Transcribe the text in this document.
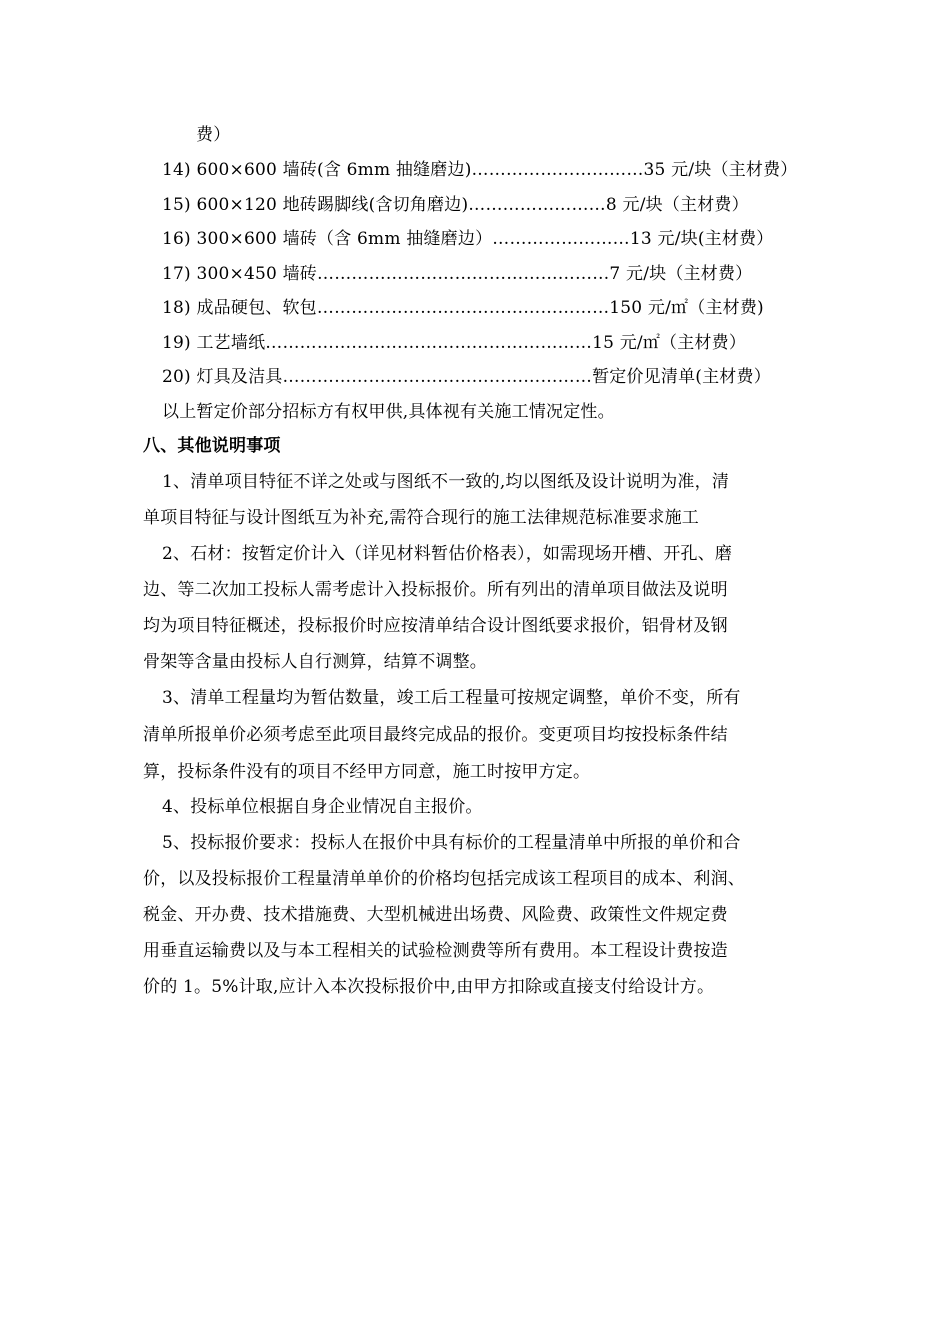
费）
14) 600×600 墙砖(含 6mm 抽缝磨边)…………………………35 元/块（主材费）
15) 600×120 地砖踢脚线(含切角磨边)……………………8 元/块（主材费）
16) 300×600 墙砖（含 6mm 抽缝磨边）……………………13 元/块(主材费）
17) 300×450 墙砖……………………………………………7 元/块（主材费）
18) 成品硬包、软包……………………………………………150 元/㎡（主材费)
19) 工艺墙纸…………………………………………………15 元/㎡（主材费）
20) 灯具及洁具………………………………………………暂定价见清单(主材费）
以上暂定价部分招标方有权甲供,具体视有关施工情况定性。
八、其他说明事项
1、清单项目特征不详之处或与图纸不一致的,均以图纸及设计说明为准，清
单项目特征与设计图纸互为补充,需符合现行的施工法律规范标准要求施工
2、石材：按暂定价计入（详见材料暂估价格表），如需现场开槽、开孔、磨
边、等二次加工投标人需考虑计入投标报价。所有列出的清单项目做法及说明
均为项目特征概述，投标报价时应按清单结合设计图纸要求报价，铝骨材及钢
骨架等含量由投标人自行测算，结算不调整。
3、清单工程量均为暂估数量，竣工后工程量可按规定调整，单价不变，所有
清单所报单价必须考虑至此项目最终完成品的报价。变更项目均按投标条件结
算，投标条件没有的项目不经甲方同意，施工时按甲方定。
4、投标单位根据自身企业情况自主报价。
5、投标报价要求：投标人在报价中具有标价的工程量清单中所报的单价和合
价，以及投标报价工程量清单单价的价格均包括完成该工程项目的成本、利润、
税金、开办费、技术措施费、大型机械进出场费、风险费、政策性文件规定费
用垂直运输费以及与本工程相关的试验检测费等所有费用。本工程设计费按造
价的 1。5%计取,应计入本次投标报价中,由甲方扣除或直接支付给设计方。
